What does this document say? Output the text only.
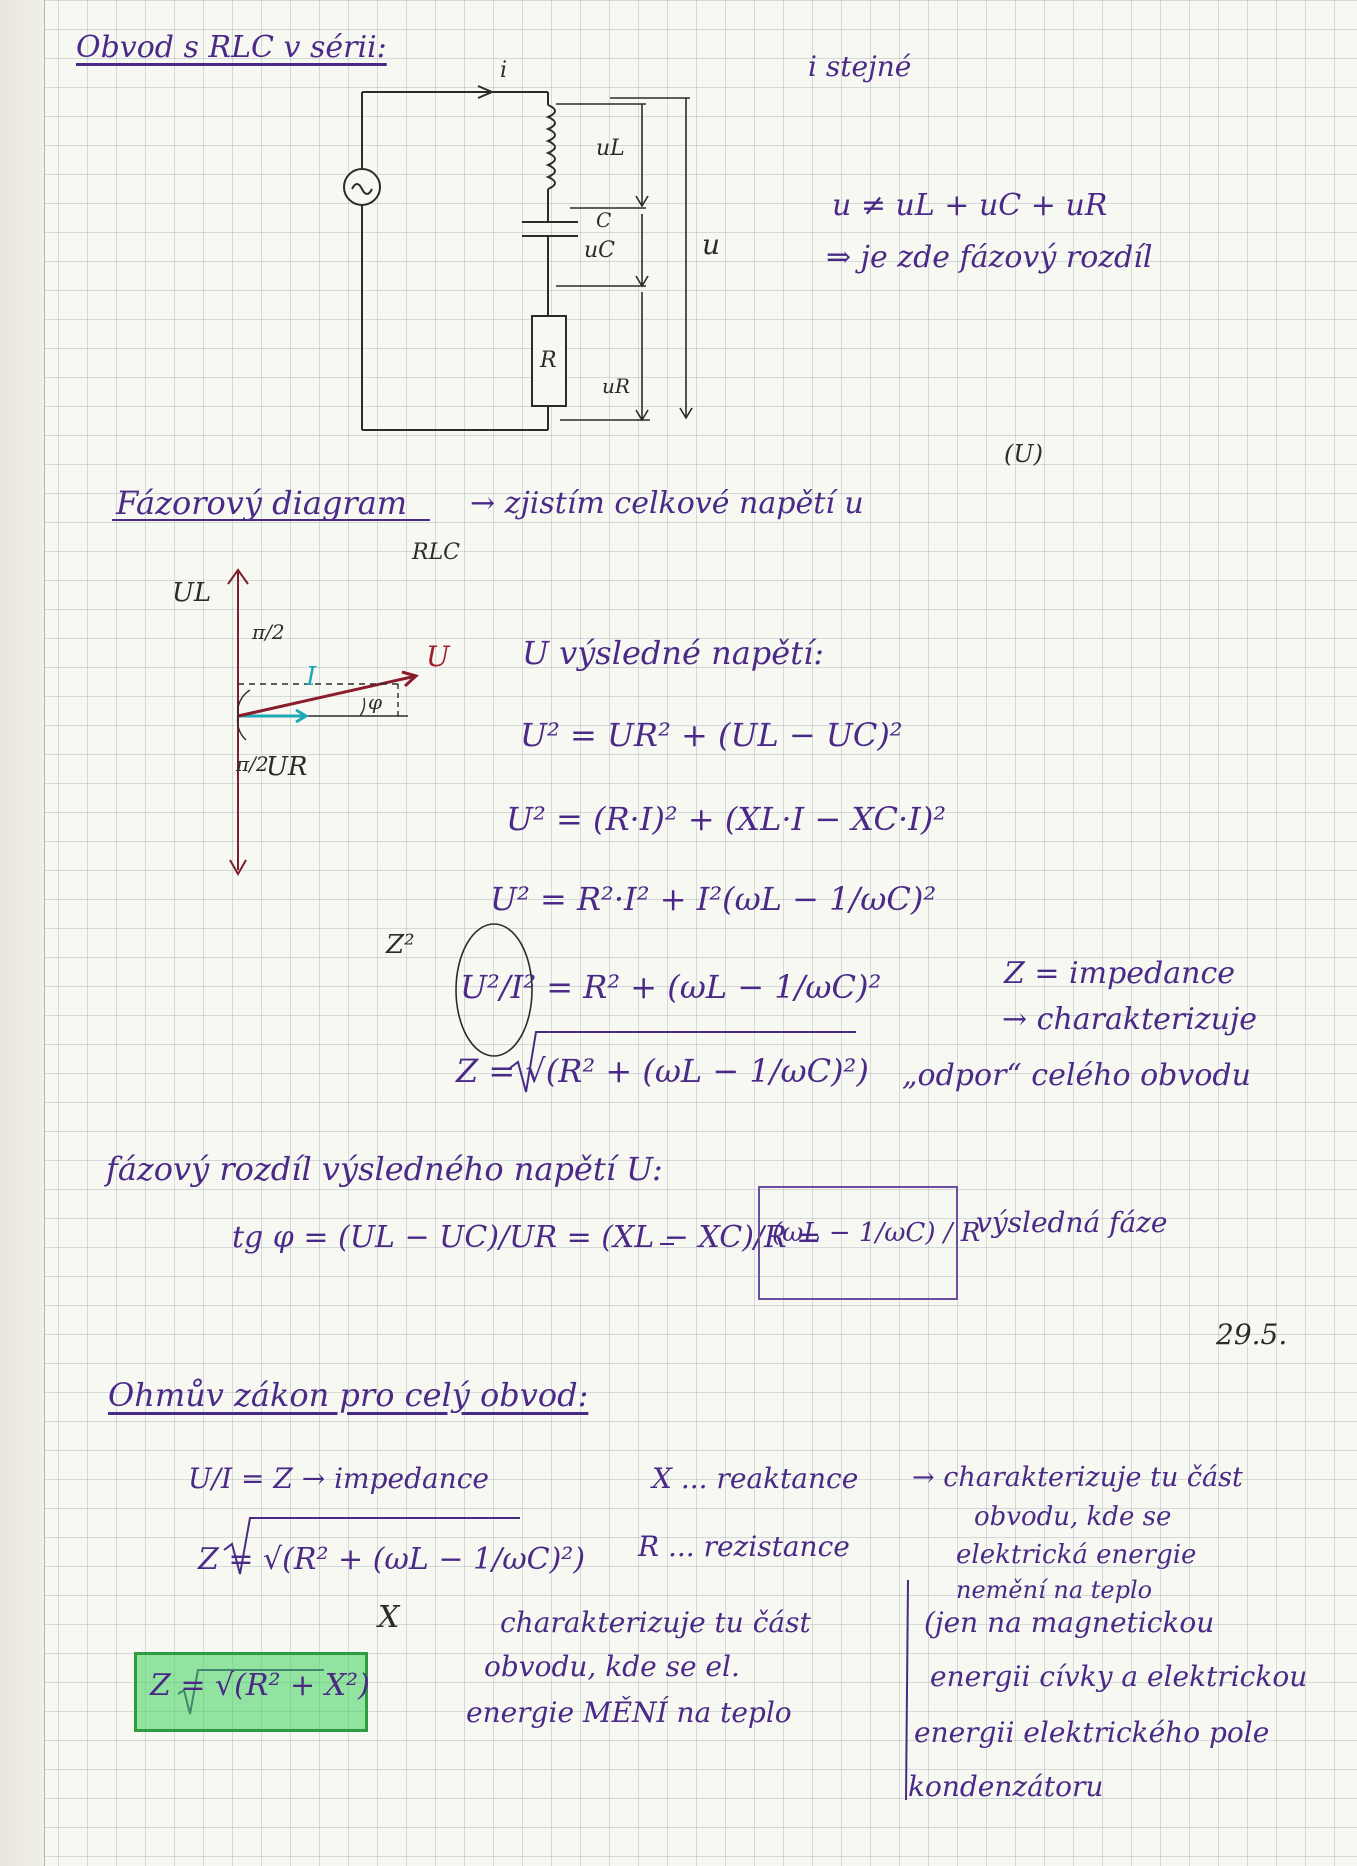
Obvod s RLC v sérii:
i	i stejné
uL
C
uC	u
R
uR
u ≠ uL + uC + uR
⇒ je zde fázový rozdíl
Fázorový diagram
RLC
→ zjistím celkové napětí u
(U)
UL
π/2
I
U
φ
π/2
UR
U výsledné napětí:
U² = UR² + (UL − UC)²
U² = (R·I)² + (XL·I − XC·I)²
U² = R²·I² + I²(ωL − 1/ωC)²
Z²
U²/I² = R² + (ωL − 1/ωC)²
Z = √(R² + (ωL − 1/ωC)²)
Z = impedance
→ charakterizuje
„odpor“ celého obvodu
fázový rozdíl výsledného napětí U:
tg φ = (UL − UC)/UR = (XL − XC)/R =
(ωL − 1/ωC) / R
výsledná fáze
29.5.
Ohmův zákon pro celý obvod:
U/I = Z → impedance
Z = √(R² + (ωL − 1/ωC)²)
Z = √(R² + X²)
X
X ... reaktance
R ... rezistance
→ charakterizuje tu část
obvodu, kde se
elektrická energie
nemění na teplo
charakterizuje tu část
obvodu, kde se el.
energie MĚNÍ na teplo
(jen na magnetickou
energii cívky a elektrickou
energii elektrického pole
kondenzátoru
